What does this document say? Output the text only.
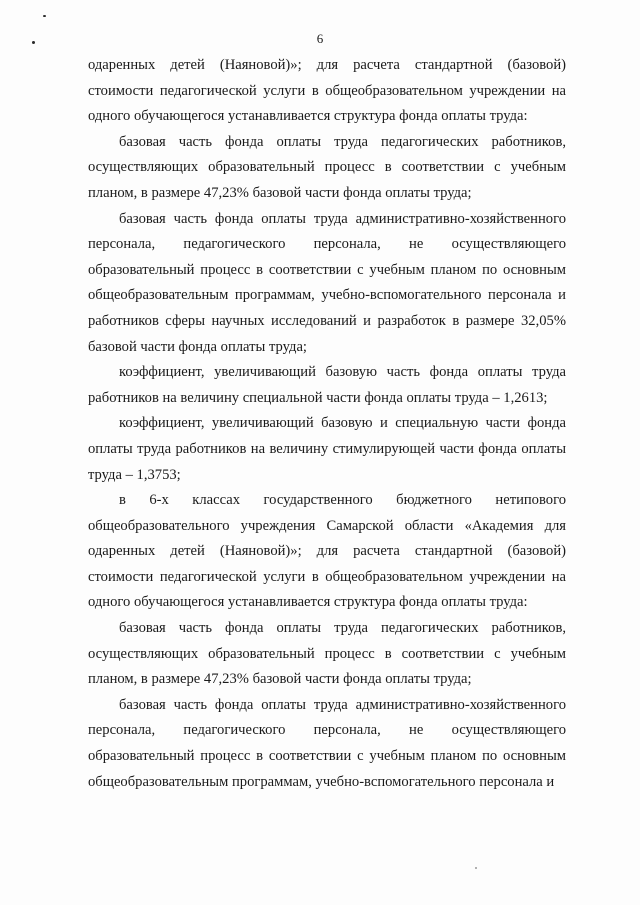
6

одаренных детей (Наяновой)»; для расчета стандартной (базовой) стоимости педагогической услуги в общеобразовательном учреждении на одного обучающегося устанавливается структура фонда оплаты труда:

базовая часть фонда оплаты труда педагогических работников, осуществляющих образовательный процесс в соответствии с учебным планом, в размере 47,23% базовой части фонда оплаты труда;

базовая часть фонда оплаты труда административно-хозяйственного персонала, педагогического персонала, не осуществляющего образовательный процесс в соответствии с учебным планом по основным общеобразовательным программам, учебно-вспомогательного персонала и работников сферы научных исследований и разработок в размере 32,05% базовой части фонда оплаты труда;

коэффициент, увеличивающий базовую часть фонда оплаты труда работников на величину специальной части фонда оплаты труда – 1,2613;

коэффициент, увеличивающий базовую и специальную части фонда оплаты труда работников на величину стимулирующей части фонда оплаты труда – 1,3753;

в 6-х классах государственного бюджетного нетипового общеобразовательного учреждения Самарской области «Академия для одаренных детей (Наяновой)»; для расчета стандартной (базовой) стоимости педагогической услуги в общеобразовательном учреждении на одного обучающегося устанавливается структура фонда оплаты труда:

базовая часть фонда оплаты труда педагогических работников, осуществляющих образовательный процесс в соответствии с учебным планом, в размере 47,23% базовой части фонда оплаты труда;

базовая часть фонда оплаты труда административно-хозяйственного персонала, педагогического персонала, не осуществляющего образовательный процесс в соответствии с учебным планом по основным общеобразовательным программам, учебно-вспомогательного персонала и
